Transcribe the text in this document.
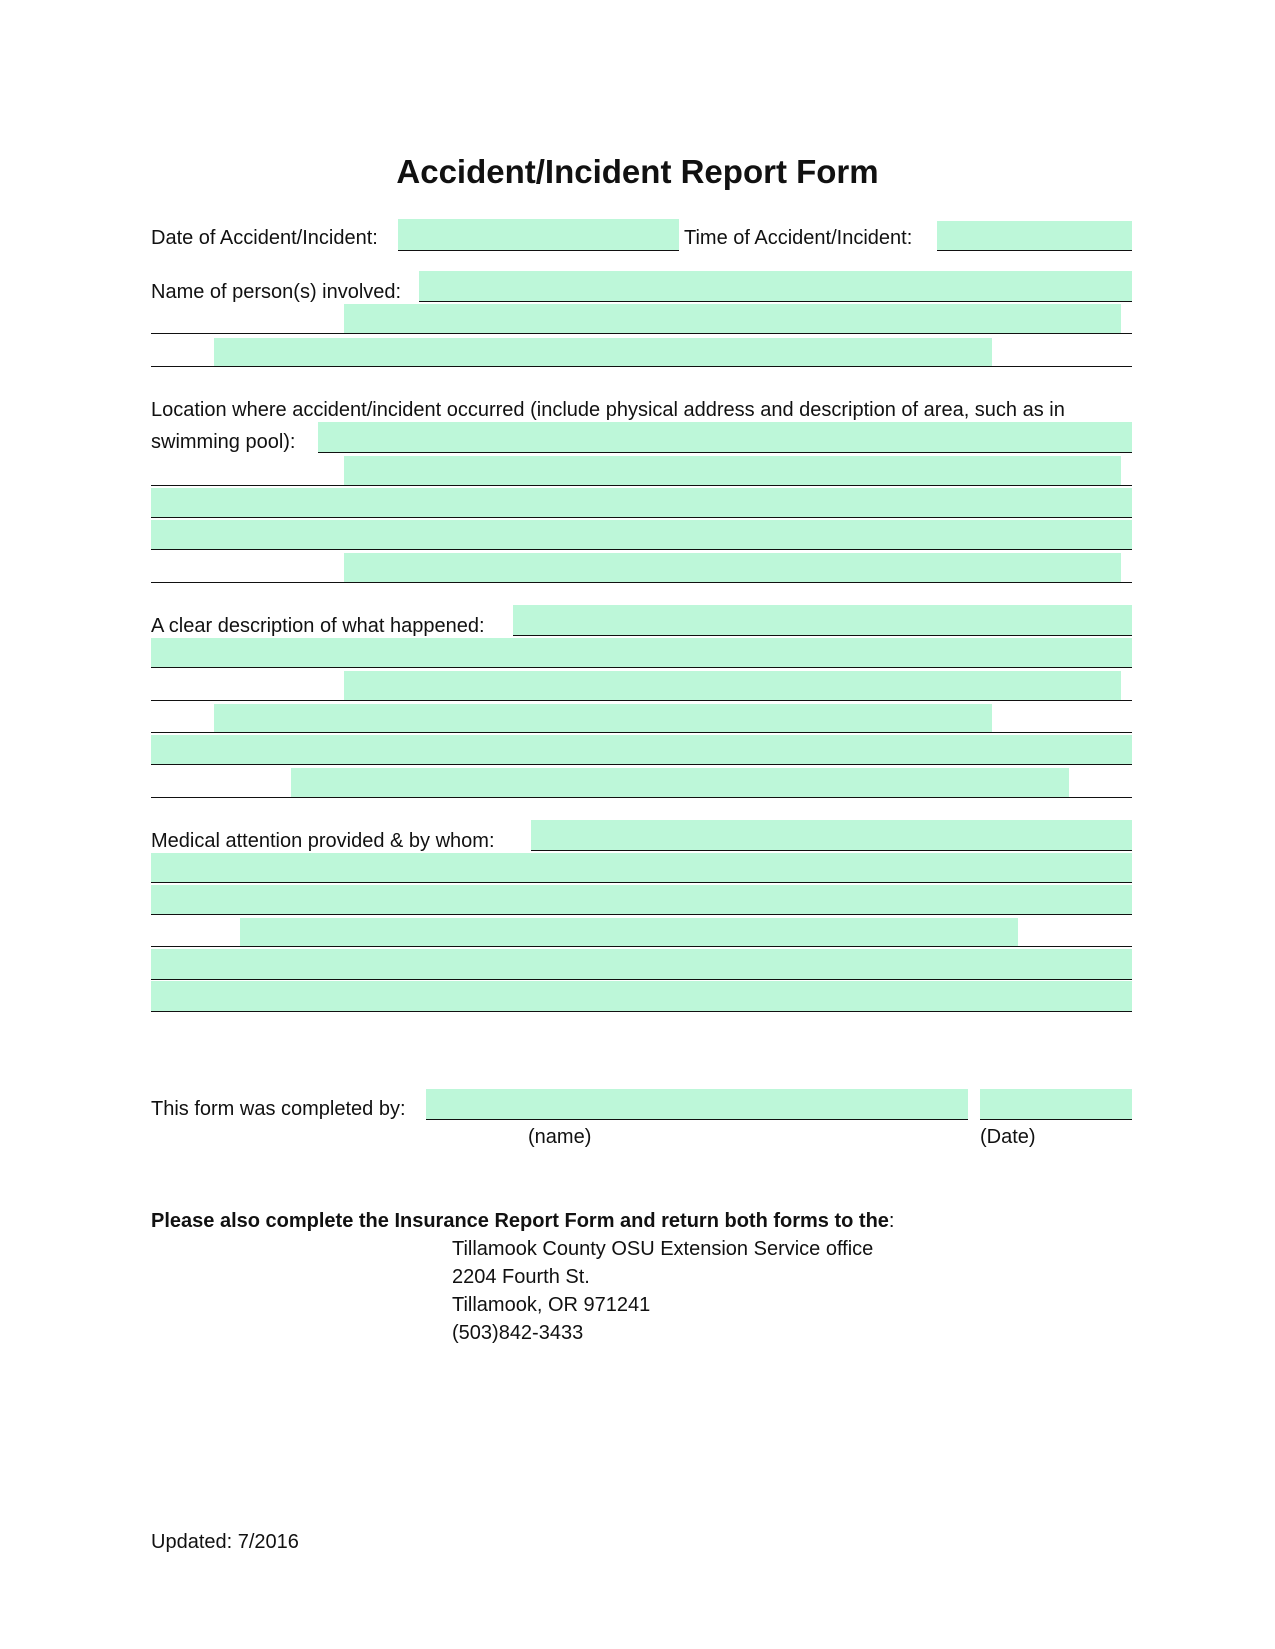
Accident/Incident Report Form
Date of Accident/Incident:	Time of Accident/Incident:
Name of person(s) involved:
Location where accident/incident occurred (include physical address and description of area, such as in
swimming pool):
A clear description of what happened:
Medical attention provided & by whom:
This form was completed by:
(name)	(Date)
Please also complete the Insurance Report Form and return both forms to the:
Tillamook County OSU Extension Service office
2204 Fourth St.
Tillamook, OR 971241
(503)842-3433
Updated: 7/2016
